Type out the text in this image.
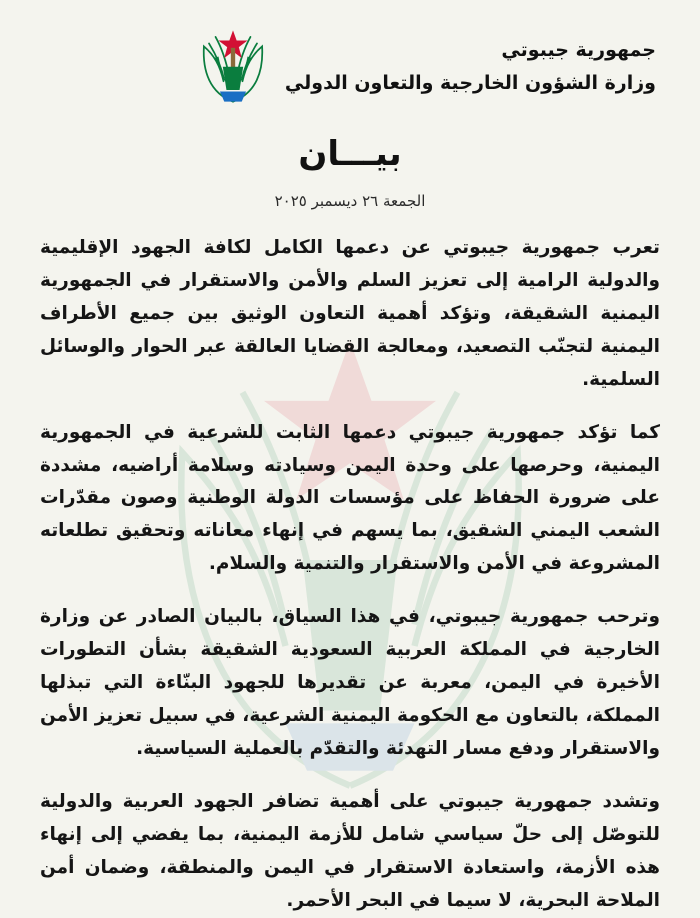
جمهورية جيبوتي
وزارة الشؤون الخارجية والتعاون الدولي
بيـــان
الجمعة ٢٦ ديسمبر ٢٠٢٥

تعرب جمهورية جيبوتي عن دعمها الكامل لكافة الجهود الإقليمية والدولية الرامية إلى تعزيز السلم والأمن والاستقرار في الجمهورية اليمنية الشقيقة، وتؤكد أهمية التعاون الوثيق بين جميع الأطراف اليمنية لتجنّب التصعيد، ومعالجة القضايا العالقة عبر الحوار والوسائل السلمية.

كما تؤكد جمهورية جيبوتي دعمها الثابت للشرعية في الجمهورية اليمنية، وحرصها على وحدة اليمن وسيادته وسلامة أراضيه، مشددة على ضرورة الحفاظ على مؤسسات الدولة الوطنية وصون مقدّرات الشعب اليمني الشقيق، بما يسهم في إنهاء معاناته وتحقيق تطلعاته المشروعة في الأمن والاستقرار والتنمية والسلام.

وترحب جمهورية جيبوتي، في هذا السياق، بالبيان الصادر عن وزارة الخارجية في المملكة العربية السعودية الشقيقة بشأن التطورات الأخيرة في اليمن، معربة عن تقديرها للجهود البنّاءة التي تبذلها المملكة، بالتعاون مع الحكومة اليمنية الشرعية، في سبيل تعزيز الأمن والاستقرار ودفع مسار التهدئة والتقدّم بالعملية السياسية.

وتشدد جمهورية جيبوتي على أهمية تضافر الجهود العربية والدولية للتوصّل إلى حلّ سياسي شامل للأزمة اليمنية، بما يفضي إلى إنهاء هذه الأزمة، واستعادة الاستقرار في اليمن والمنطقة، وضمان أمن الملاحة البحرية، لا سيما في البحر الأحمر.
